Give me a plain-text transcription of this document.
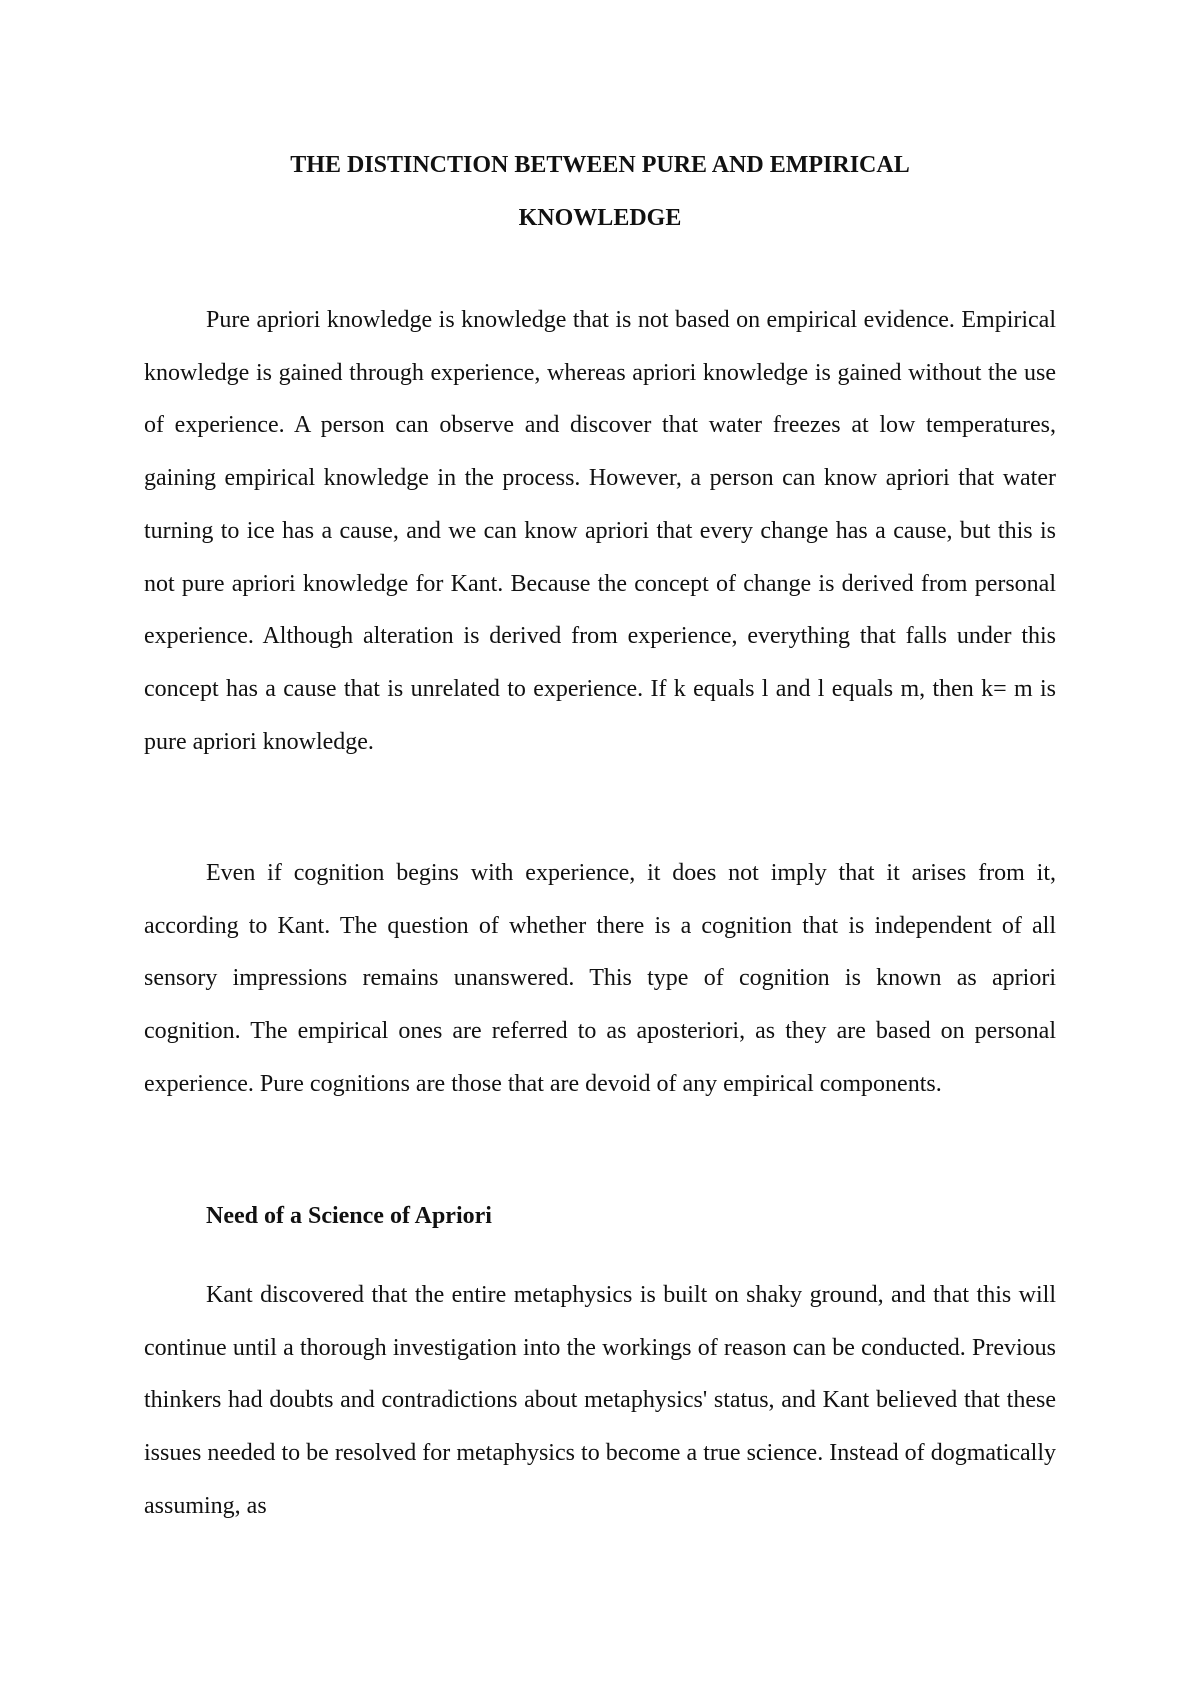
THE DISTINCTION BETWEEN PURE AND EMPIRICAL
KNOWLEDGE

Pure apriori knowledge is knowledge that is not based on empirical evidence. Empirical knowledge is gained through experience, whereas apriori knowledge is gained without the use of experience. A person can observe and discover that water freezes at low temperatures, gaining empirical knowledge in the process. However, a person can know apriori that water turning to ice has a cause, and we can know apriori that every change has a cause, but this is not pure apriori knowledge for Kant. Because the concept of change is derived from personal experience. Although alteration is derived from experience, everything that falls under this concept has a cause that is unrelated to experience. If k equals l and l equals m, then k= m is pure apriori knowledge.

Even if cognition begins with experience, it does not imply that it arises from it, according to Kant. The question of whether there is a cognition that is independent of all sensory impressions remains unanswered. This type of cognition is known as apriori cognition. The empirical ones are referred to as aposteriori, as they are based on personal experience. Pure cognitions are those that are devoid of any empirical components.

Need of a Science of Apriori

Kant discovered that the entire metaphysics is built on shaky ground, and that this will continue until a thorough investigation into the workings of reason can be conducted. Previous thinkers had doubts and contradictions about metaphysics' status, and Kant believed that these issues needed to be resolved for metaphysics to become a true science. Instead of dogmatically assuming, as
